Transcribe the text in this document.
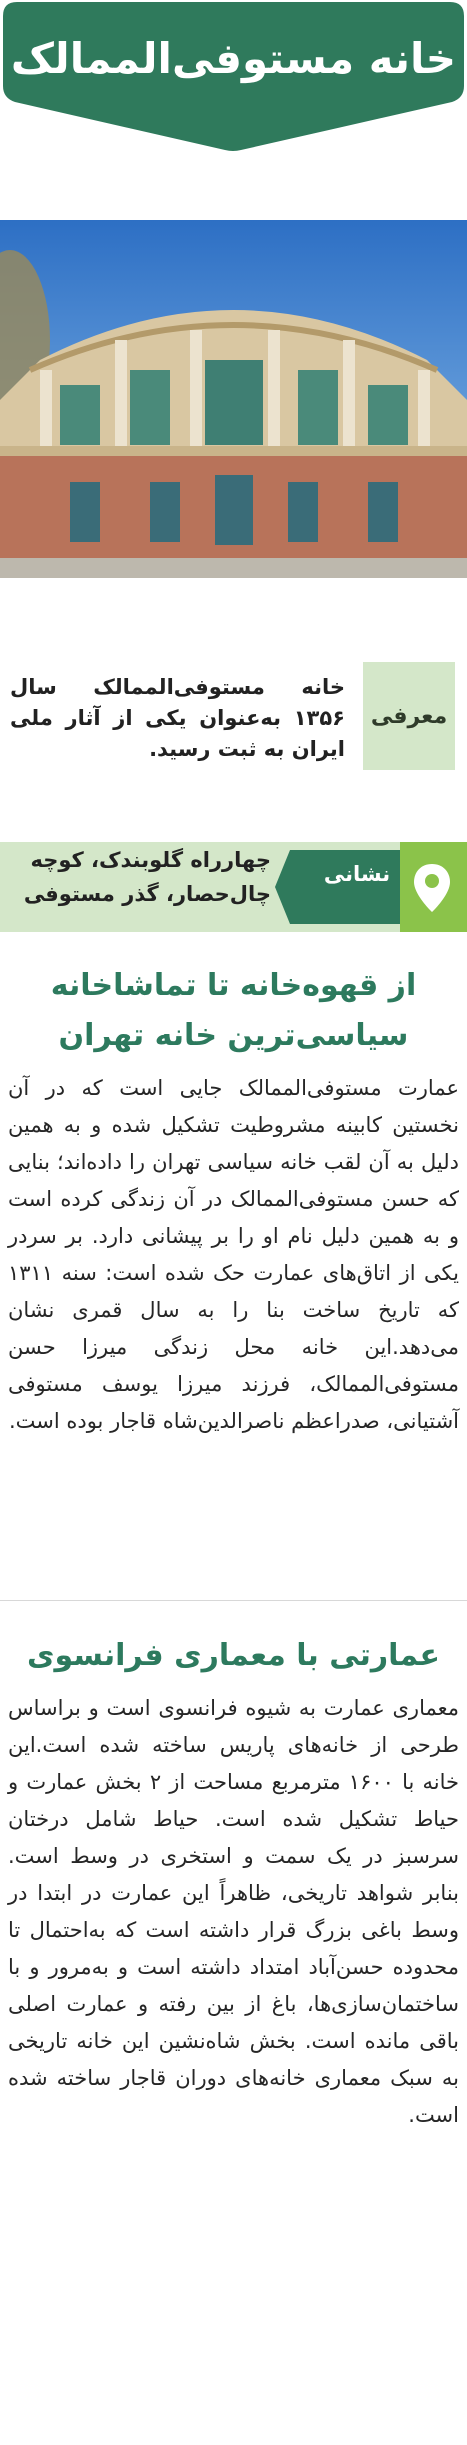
خانه مستوفی‌الممالک
معرفی
خانه مستوفی‌الممالک سال ۱۳۵۶ به‌عنوان یکی از آثار ملی ایران به ثبت رسید.
نشانی
چهارراه گلوبندک، کوچه چال‌حصار، گذر مستوفی
از قهوه‌خانه تا تماشاخانه
سیاسی‌ترین خانه تهران
عمارت مستوفی‌الممالک جایی است که در آن نخستین کابینه مشروطیت تشکیل شده و به همین دلیل به آن لقب خانه سیاسی تهران را داده‌اند؛ بنایی که حسن مستوفی‌الممالک در آن زندگی کرده است و به همین دلیل نام او را بر پیشانی دارد. بر سردر یکی از اتاق‌های عمارت حک شده است: سنه ۱۳۱۱ که تاریخ ساخت بنا را به سال قمری نشان می‌دهد.این خانه محل زندگی میرزا حسن مستوفی‌الممالک، فرزند میرزا یوسف مستوفی آشتیانی، صدراعظم ناصرالدین‌شاه قاجار بوده است.
عمارتی با معماری فرانسوی
معماری عمارت به شیوه فرانسوی است و براساس طرحی از خانه‌های پاریس ساخته شده است.این خانه با ۱۶۰۰ مترمربع مساحت از ۲ بخش عمارت و حیاط تشکیل شده است. حیاط شامل درختان سرسبز در یک سمت و استخری در وسط است. بنابر شواهد تاریخی، ظاهراً این عمارت در ابتدا در وسط باغی بزرگ قرار داشته است که به‌احتمال تا محدوده حسن‌آباد امتداد داشته است و به‌مرور و با ساختمان‌سازی‌ها، باغ از بین رفته و عمارت اصلی باقی مانده است. بخش شاه‌نشین این خانه تاریخی به سبک معماری خانه‌های دوران قاجار ساخته شده است.
